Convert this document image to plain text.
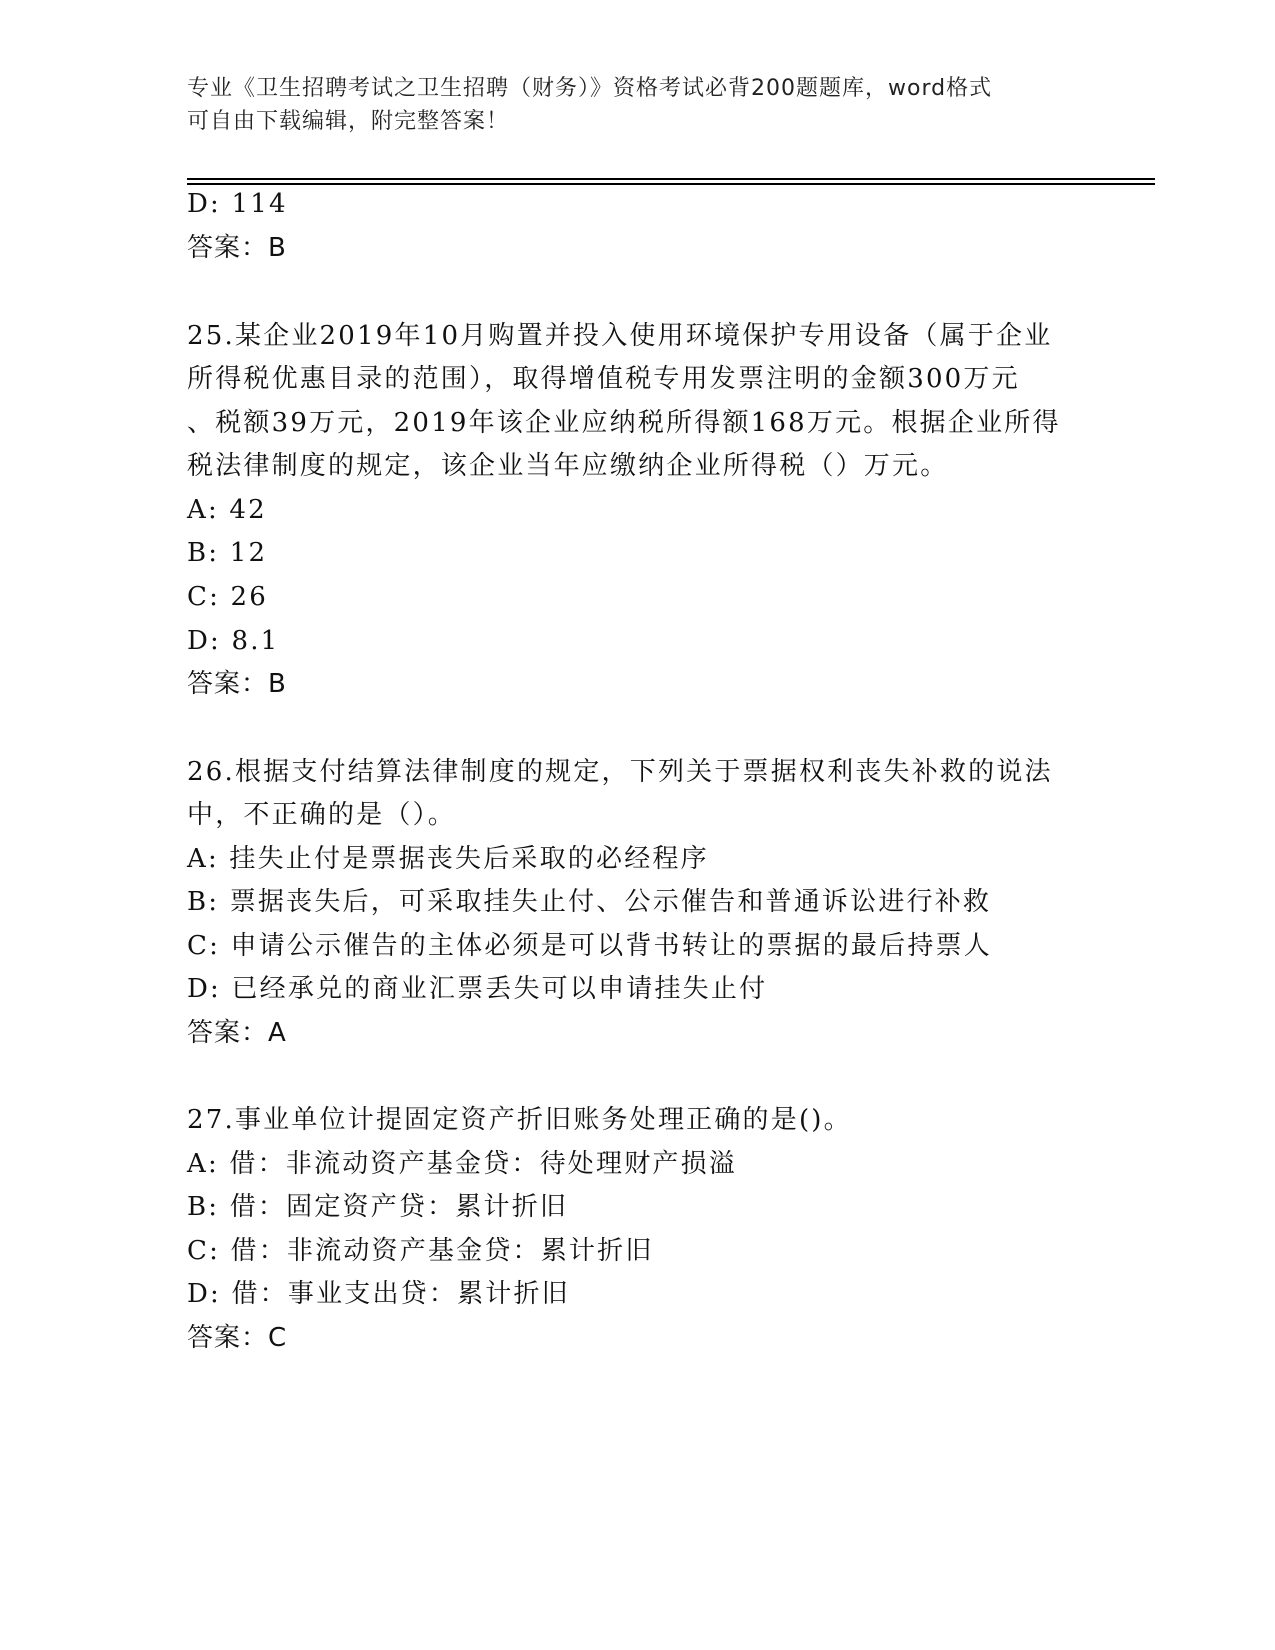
专业《卫生招聘考试之卫生招聘（财务）》资格考试必背200题题库，word格式
可自由下载编辑，附完整答案！
D: 114
答案：B
25.某企业2019年10月购置并投入使用环境保护专用设备（属于企业
所得税优惠目录的范围），取得增值税专用发票注明的金额300万元
、税额39万元，2019年该企业应纳税所得额168万元。根据企业所得
税法律制度的规定，该企业当年应缴纳企业所得税（）万元。
A: 42
B: 12
C: 26
D: 8.1
答案：B
26.根据支付结算法律制度的规定，下列关于票据权利丧失补救的说法
中，不正确的是（）。
A: 挂失止付是票据丧失后采取的必经程序
B: 票据丧失后，可采取挂失止付、公示催告和普通诉讼进行补救
C: 申请公示催告的主体必须是可以背书转让的票据的最后持票人
D: 已经承兑的商业汇票丢失可以申请挂失止付
答案：A
27.事业单位计提固定资产折旧账务处理正确的是()。
A: 借：非流动资产基金贷：待处理财产损溢
B: 借：固定资产贷：累计折旧
C: 借：非流动资产基金贷：累计折旧
D: 借：事业支出贷：累计折旧
答案：C
